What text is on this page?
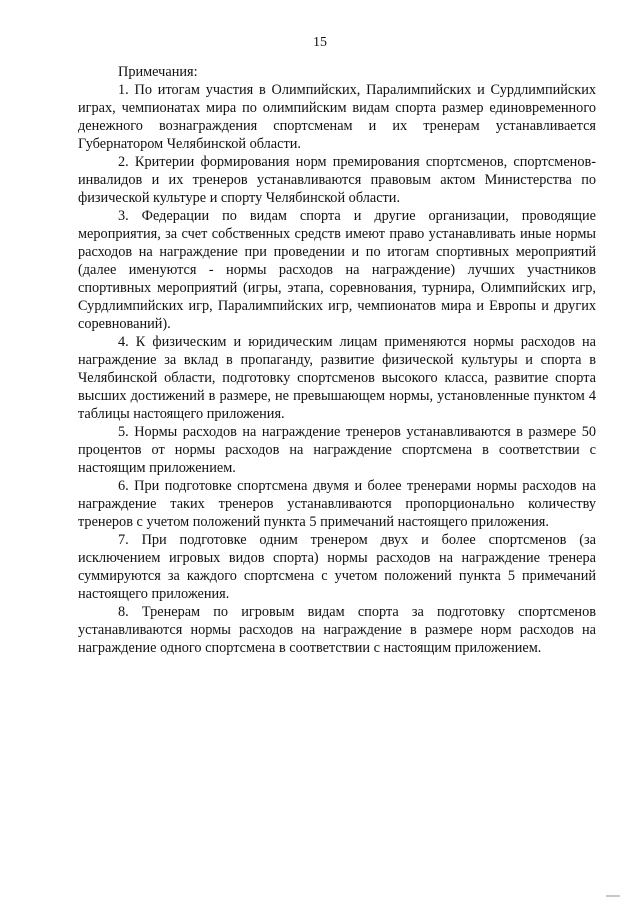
15

Примечания:

1. По итогам участия в Олимпийских, Паралимпийских и Сурдлимпийских играх, чемпионатах мира по олимпийским видам спорта размер единовременного денежного вознаграждения спортсменам и их тренерам устанавливается Губернатором Челябинской области.

2. Критерии формирования норм премирования спортсменов, спортсменов-инвалидов и их тренеров устанавливаются правовым актом Министерства по физической культуре и спорту Челябинской области.

3. Федерации по видам спорта и другие организации, проводящие мероприятия, за счет собственных средств имеют право устанавливать иные нормы расходов на награждение при проведении и по итогам спортивных мероприятий (далее именуются - нормы расходов на награждение) лучших участников спортивных мероприятий (игры, этапа, соревнования, турнира, Олимпийских игр, Сурдлимпийских игр, Паралимпийских игр, чемпионатов мира и Европы и других соревнований).

4. К физическим и юридическим лицам применяются нормы расходов на награждение за вклад в пропаганду, развитие физической культуры и спорта в Челябинской области, подготовку спортсменов высокого класса, развитие спорта высших достижений в размере, не превышающем нормы, установленные пунктом 4 таблицы настоящего приложения.

5. Нормы расходов на награждение тренеров устанавливаются в размере 50 процентов от нормы расходов на награждение спортсмена в соответствии с настоящим приложением.

6. При подготовке спортсмена двумя и более тренерами нормы расходов на награждение таких тренеров устанавливаются пропорционально количеству тренеров с учетом положений пункта 5 примечаний настоящего приложения.

7. При подготовке одним тренером двух и более спортсменов (за исключением игровых видов спорта) нормы расходов на награждение тренера суммируются за каждого спортсмена с учетом положений пункта 5 примечаний настоящего приложения.

8. Тренерам по игровым видам спорта за подготовку спортсменов устанавливаются нормы расходов на награждение в размере норм расходов на награждение одного спортсмена в соответствии с настоящим приложением.
